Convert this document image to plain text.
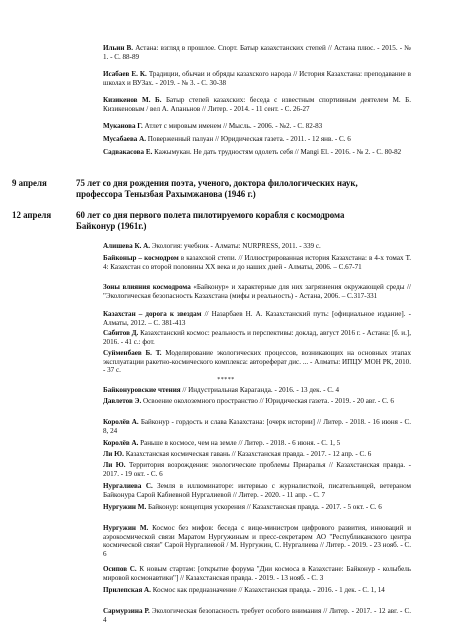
Ильин В. Астана: взгляд в прошлое. Спорт. Батыр казахстанских степей // Астана плюс. - 2015. - № 1. - С. 88-89
Исабаев Е. К. Традиции, обычаи и обряды казахского народа // История Казахстана: преподавание в школах и ВУЗах. - 2019. - № 3. - С. 30-38
Кизикенов М. Б. Батыр степей казахских: беседа с известным спортивным деятелем М. Б. Кизикеновым / вел А. Апаньнов // Литер. - 2014. - 11 сент. - С. 26-27
Муканова Г. Атлет с мировым именем // Мысль. - 2006. - №2. - С. 82-83
Мусабаева А. Поверженный палуан // Юридическая газета. - 2011. - 12 янв. - С. 6
Садвакасова Е. Кажымукан. Не дать трудностям одолеть себя // Mangi El. - 2016. - № 2. - С. 80-82
9 апреля	75 лет со дня рождения поэта, ученого, доктора филологических наук,
профессора Тенызбая Рахымжанова (1946 г.)
12 апреля	60 лет со дня первого полета пилотируемого корабля с космодрома
Байконур (1961г.)
Алишева К. А. Экология: учебник - Алматы: NURPRESS, 2011. - 339 с.
Байконыр – космодром в казахской степи. // Иллюстрированная история Казахстана: в 4-х томах Т. 4: Казахстан со второй половины XX века и до наших дней - Алматы, 2006. – С.67-71
Зоны влияния космодрома «Байконур» и характерные для них загрязнения окружающей среды // "Экологическая безопасность Казахстана (мифы и реальность) - Астана, 2006. – С.317-331
Казахстан – дорога к звездам // Назарбаев Н. А. Казахстанский путь: [официальное издание]. - Алматы, 2012. – С. 381-413
Сабитов Д. Казахстанский космос: реальность и перспективы: доклад, август 2016 г. - Астана: [б. и.], 2016. - 41 с.: фот.
Суйменбаев Б. Т. Моделирование экологических процессов, возникающих на основных этапах эксплуатации ракетно-космического комплекса: автореферат дис. ... - Алматы: ИПЦУ МОН РК, 2010. - 37 с.
*****
Байконуровские чтения // Индустриальная Караганда. - 2016. - 13 дек. - С. 4
Давлетов Э. Освоение околоземного пространство // Юридическая газета. - 2019. - 20 авг. - С. 6
Королёв А. Байконур - гордость и слава Казахстана: [очерк истории] // Литер. - 2018. - 16 июня - С. 8, 24
Королёв А. Раньше в космосе, чем на земле // Литер. - 2018. - 6 июня. - С. 1, 5
Ли Ю. Казахстанская космическая гавань // Казахстанская правда. - 2017. - 12 апр. - С. 6
Ли Ю. Территория возрождения: экологические проблемы Приаралья // Казахстанская правда. - 2017. - 19 окт. - С. 6
Нургалиева С. Земля в иллюминаторе: интервью с журналисткой, писательницей, ветераном Байконура Сарой Кабиевной Нургалиевой // Литер. - 2020. - 11 апр. - С. 7
Нургужин М. Байконур: концепция ускорения // Казахстанская правда. - 2017. - 5 окт. - С. 6
Нургужин М. Космос без мифов: беседа с вице-министром цифрового развития, инноваций и аэрокосмической связи Маратом Нургужиным и пресс-секретарем АО "Республиканского центра космической связи" Сарой Нургалиевой / М. Нургужин, С. Нургалиева // Литер. - 2019. - 23 нояб. - С. 6
Осипов С. К новым стартам: [открытие форума "Дни космоса в Казахстане: Байконур - колыбель мировой космонавтики"] // Казахстанская правда. - 2019. - 13 нояб. - С. 3
Прилепская А. Космос как предназначение // Казахстанская правда. - 2016. - 1 дек. - С. 1, 14
Сармурзина Р. Экологическая безопасность требует особого внимания // Литер. - 2017. - 12 авг. - С. 4
